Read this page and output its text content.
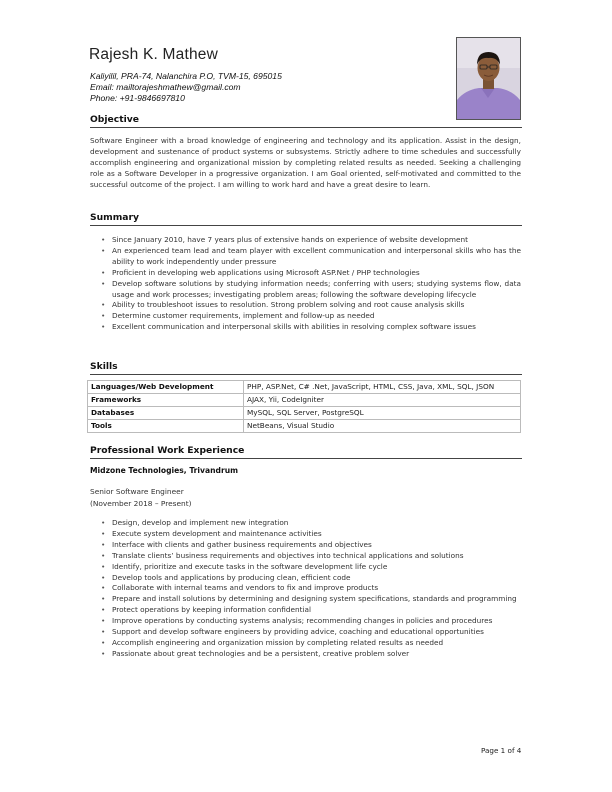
Rajesh K. Mathew
Kaliyilil, PRA-74, Nalanchira P.O, TVM-15, 695015
Email: mailtorajeshmathew@gmail.com
Phone: +91-9846697810
Objective
Software Engineer with a broad knowledge of engineering and technology and its application. Assist in the design, development and sustenance of product systems or subsystems. Strictly adhere to time schedules and successfully accomplish engineering and organizational mission by completing related results as needed. Seeking a challenging role as a Software Developer in a progressive organization. I am Goal oriented, self-motivated and committed to the successful outcome of the project. I am willing to work hard and have a great desire to learn.
Summary
• Since January 2010, have 7 years plus of extensive hands on experience of website development
• An experienced team lead and team player with excellent communication and interpersonal skills who has the ability to work independently under pressure
• Proficient in developing web applications using Microsoft ASP.Net / PHP technologies
• Develop software solutions by studying information needs; conferring with users; studying systems flow, data usage and work processes; investigating problem areas; following the software developing lifecycle
• Ability to troubleshoot issues to resolution. Strong problem solving and root cause analysis skills
• Determine customer requirements, implement and follow-up as needed
• Excellent communication and interpersonal skills with abilities in resolving complex software issues
Skills
Languages/Web Development	PHP, ASP.Net, C# .Net, JavaScript, HTML, CSS, Java, XML, SQL, JSON
Frameworks	AJAX, Yii, CodeIgniter
Databases	MySQL, SQL Server, PostgreSQL
Tools	NetBeans, Visual Studio
Professional Work Experience
Midzone Technologies, Trivandrum
Senior Software Engineer
(November 2018 – Present)
• Design, develop and implement new integration
• Execute system development and maintenance activities
• Interface with clients and gather business requirements and objectives
• Translate clients’ business requirements and objectives into technical applications and solutions
• Identify, prioritize and execute tasks in the software development life cycle
• Develop tools and applications by producing clean, efficient code
• Collaborate with internal teams and vendors to fix and improve products
• Prepare and install solutions by determining and designing system specifications, standards and programming
• Protect operations by keeping information confidential
• Improve operations by conducting systems analysis; recommending changes in policies and procedures
• Support and develop software engineers by providing advice, coaching and educational opportunities
• Accomplish engineering and organization mission by completing related results as needed
• Passionate about great technologies and be a persistent, creative problem solver
Page 1 of 4
